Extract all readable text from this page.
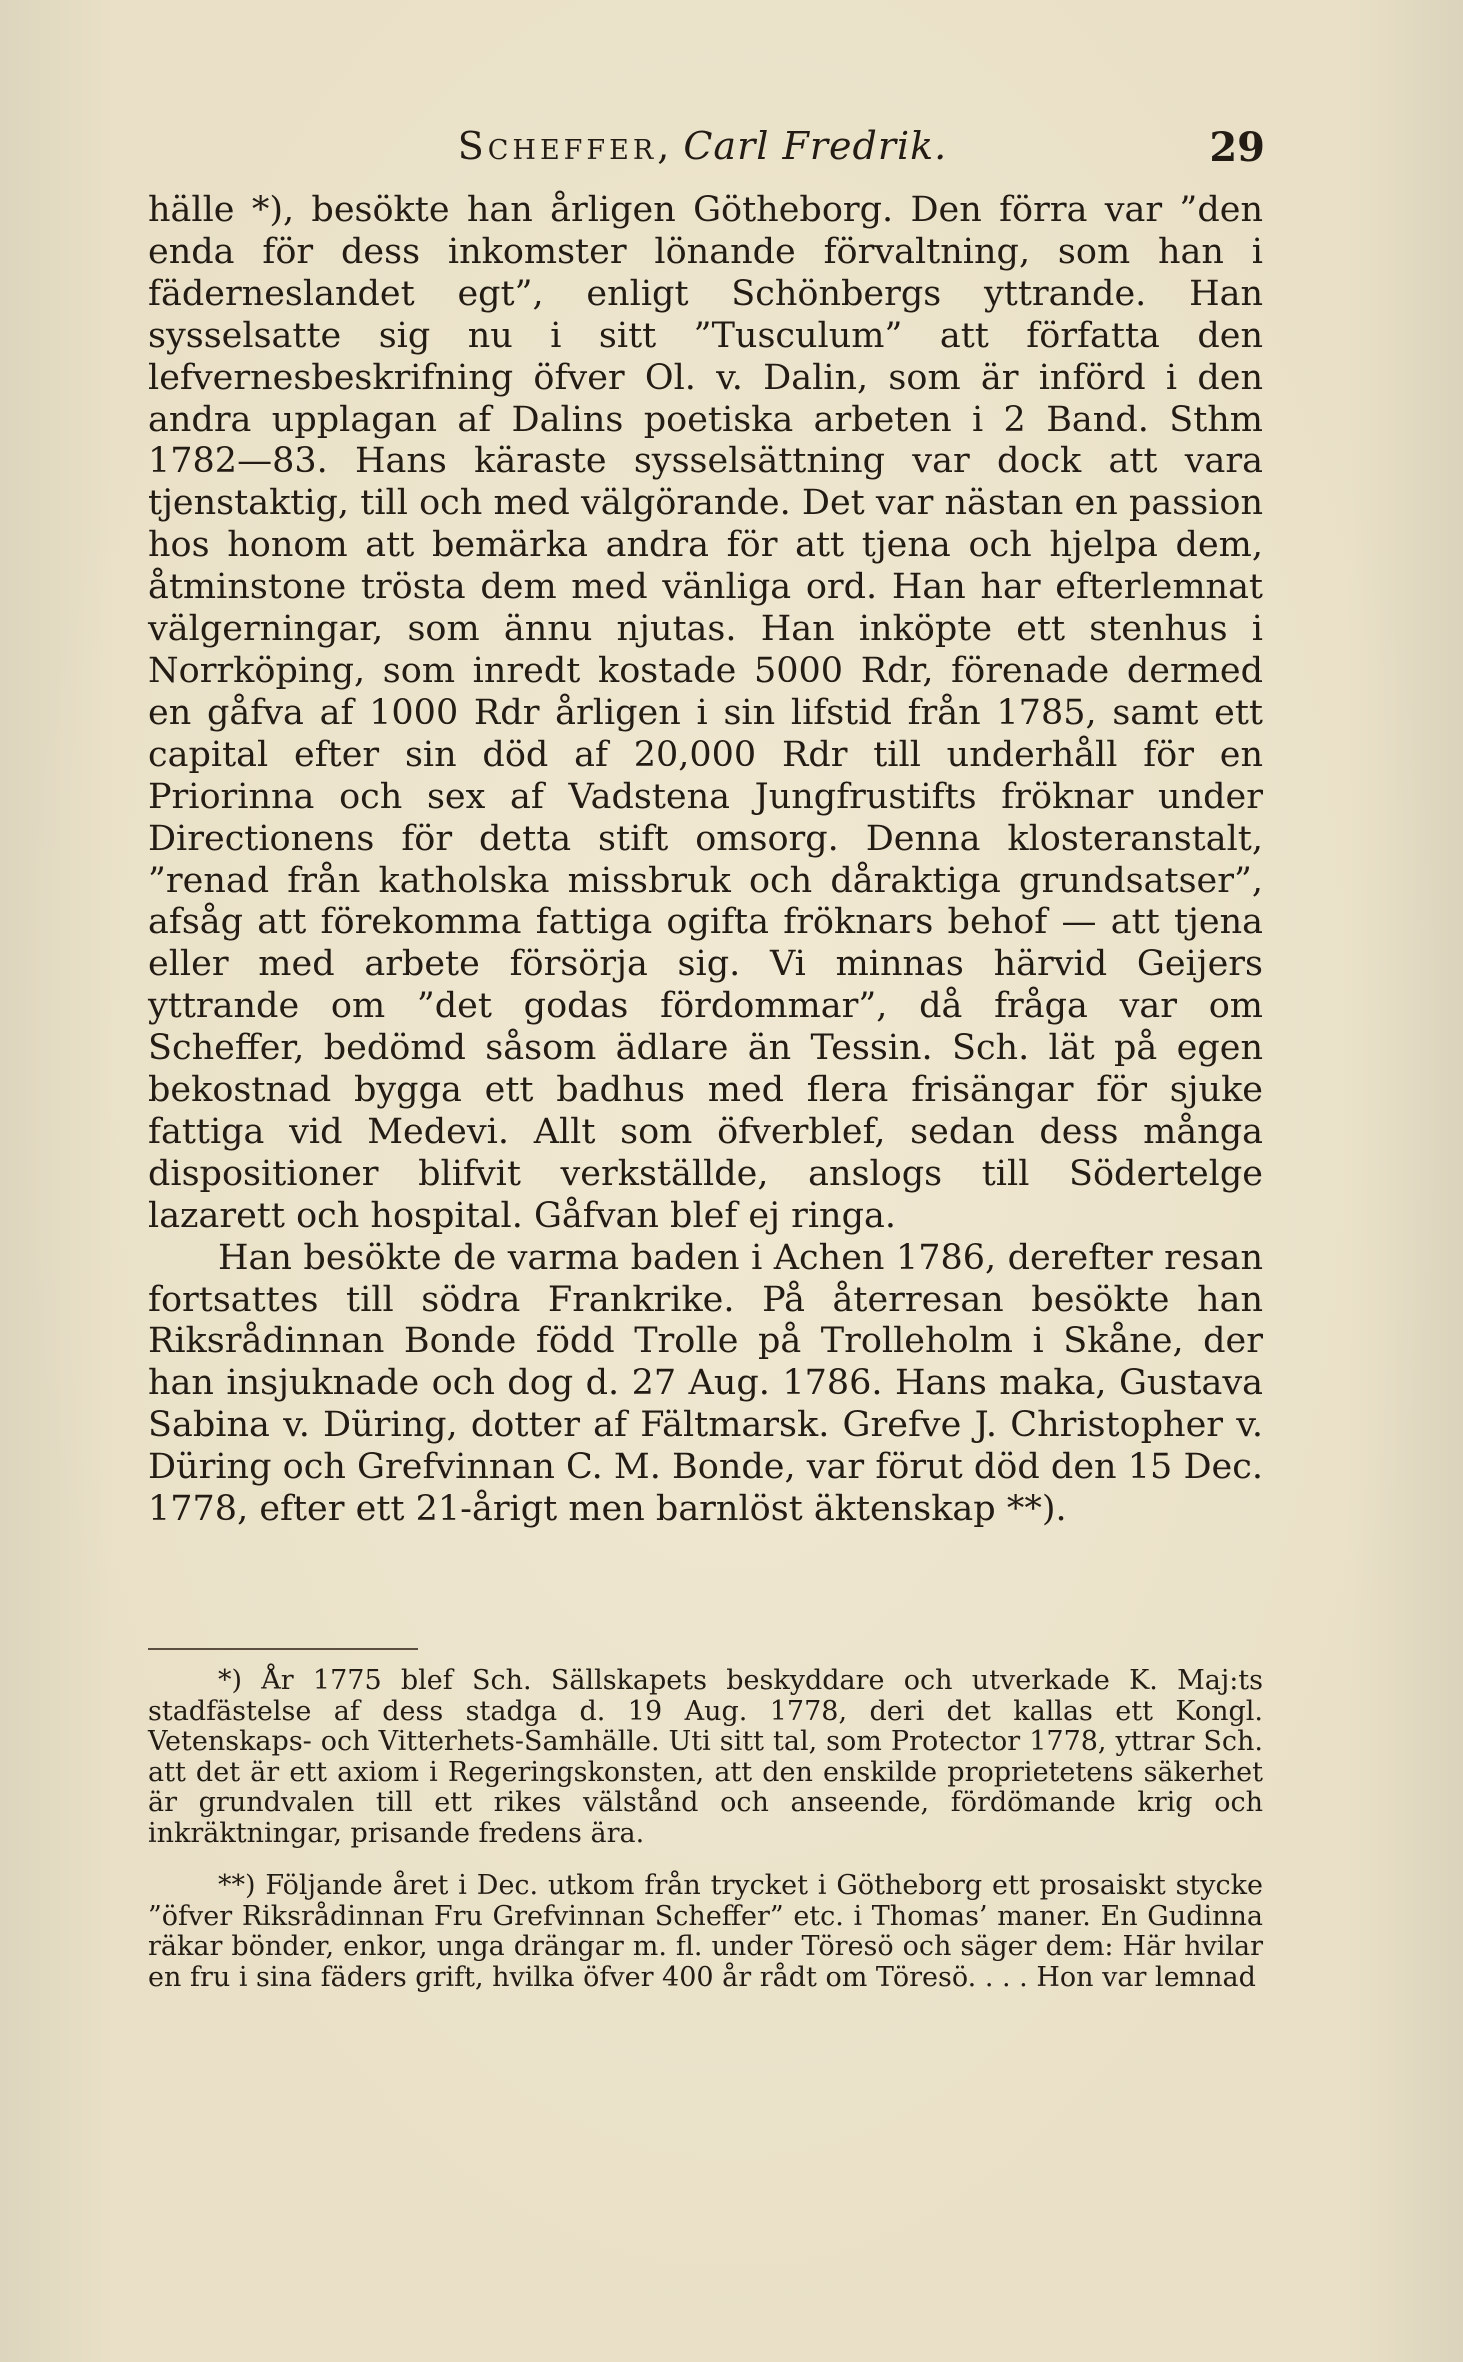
Scheffer, Carl Fredrik.	29

hälle *), besökte han årligen Götheborg. Den förra var ”den enda för dess inkomster lönande förvaltning, som han i fäderneslandet egt”, enligt Schönbergs yttrande. Han sysselsatte sig nu i sitt ”Tusculum” att författa den lefvernesbeskrifning öfver Ol. v. Dalin, som är införd i den andra upplagan af Dalins poetiska arbeten i 2 Band. Sthm 1782—83. Hans käraste sysselsättning var dock att vara tjenstaktig, till och med välgörande. Det var nästan en passion hos honom att bemärka andra för att tjena och hjelpa dem, åtminstone trösta dem med vänliga ord. Han har efterlemnat välgerningar, som ännu njutas. Han inköpte ett stenhus i Norrköping, som inredt kostade 5000 Rdr, förenade dermed en gåfva af 1000 Rdr årligen i sin lifstid från 1785, samt ett capital efter sin död af 20,000 Rdr till underhåll för en Priorinna och sex af Vadstena Jungfrustifts fröknar under Directionens för detta stift omsorg. Denna klosteranstalt, ”renad från katholska missbruk och dåraktiga grundsatser”, afsåg att förekomma fattiga ogifta fröknars behof — att tjena eller med arbete försörja sig. Vi minnas härvid Geijers yttrande om ”det godas fördommar”, då fråga var om Scheffer, bedömd såsom ädlare än Tessin. Sch. lät på egen bekostnad bygga ett badhus med flera frisängar för sjuke fattiga vid Medevi. Allt som öfverblef, sedan dess många dispositioner blifvit verkställde, anslogs till Södertelge lazarett och hospital. Gåfvan blef ej ringa.

Han besökte de varma baden i Achen 1786, derefter resan fortsattes till södra Frankrike. På återresan besökte han Riksrådinnan Bonde född Trolle på Trolleholm i Skåne, der han insjuknade och dog d. 27 Aug. 1786. Hans maka, Gustava Sabina v. Düring, dotter af Fältmarsk. Grefve J. Christopher v. Düring och Grefvinnan C. M. Bonde, var förut död den 15 Dec. 1778, efter ett 21-årigt men barnlöst äktenskap **).

*) År 1775 blef Sch. Sällskapets beskyddare och utverkade K. Maj:ts stadfästelse af dess stadga d. 19 Aug. 1778, deri det kallas ett Kongl. Vetenskaps- och Vitterhets-Samhälle. Uti sitt tal, som Protector 1778, yttrar Sch. att det är ett axiom i Regeringskonsten, att den enskilde proprietetens säkerhet är grundvalen till ett rikes välstånd och anseende, fördömande krig och inkräktningar, prisande fredens ära.

**) Följande året i Dec. utkom från trycket i Götheborg ett prosaiskt stycke ”öfver Riksrådinnan Fru Grefvinnan Scheffer” etc. i Thomas’ maner. En Gudinna räkar bönder, enkor, unga drängar m. fl. under Töresö och säger dem: Här hvilar en fru i sina fäders grift, hvilka öfver 400 år rådt om Töresö. . . . Hon var lemnad
